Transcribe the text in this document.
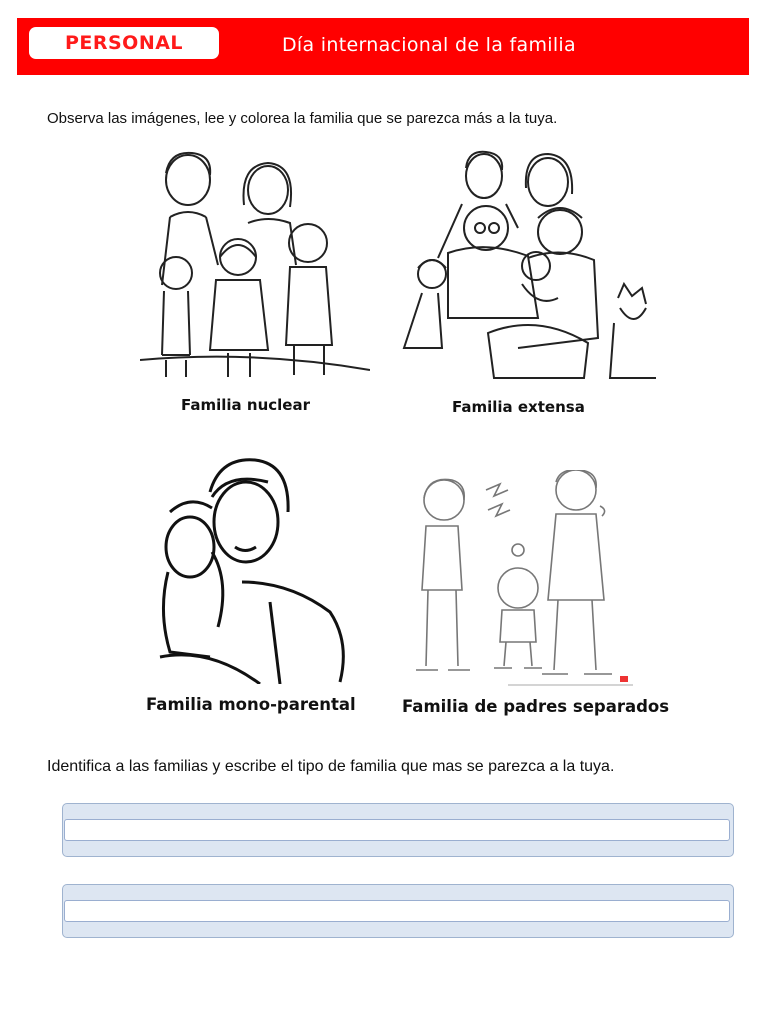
PERSONAL	Día internacional de la familia
Observa las imágenes, lee y colorea la familia que se parezca más a la tuya.
Familia nuclear	Familia extensa
Familia mono-parental	Familia de padres separados
Identifica a las familias y escribe el tipo de familia que mas se parezca a la tuya.
